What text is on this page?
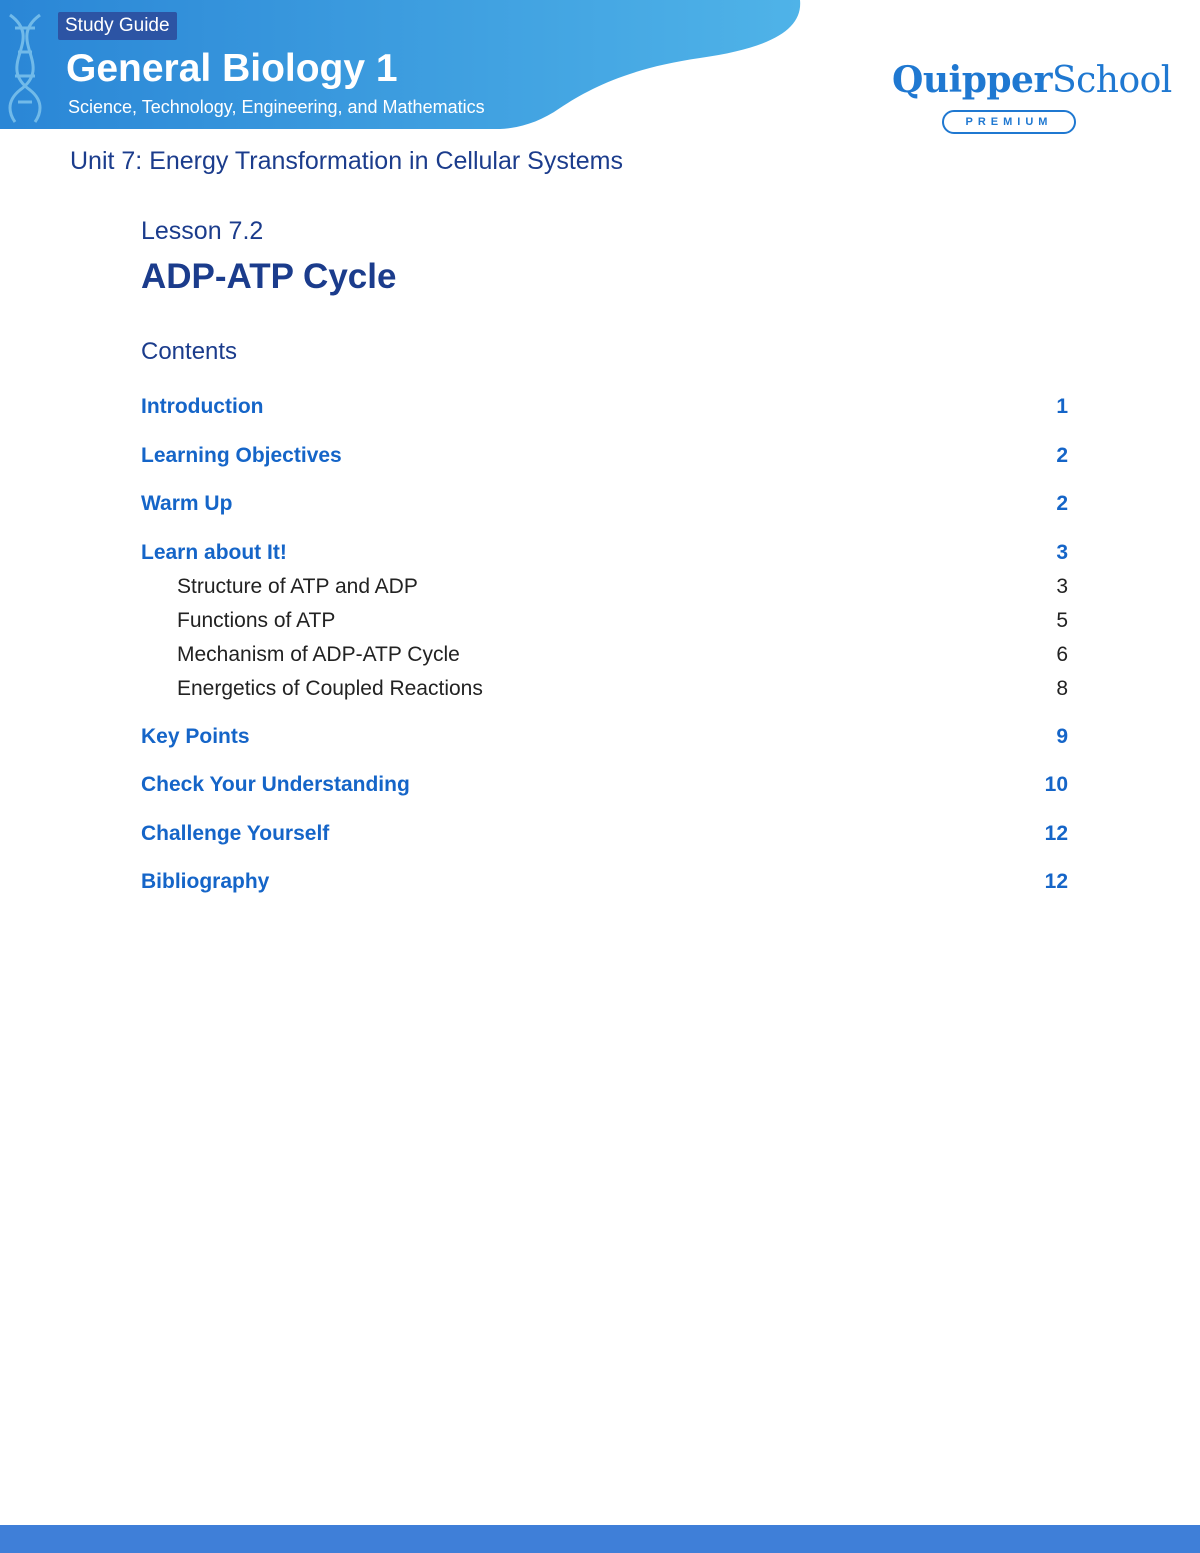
Study Guide
General Biology 1
Science, Technology, Engineering, and Mathematics
QuipperSchool
PREMIUM
Unit 7: Energy Transformation in Cellular Systems
Lesson 7.2
ADP-ATP Cycle
Contents
Introduction	1
Learning Objectives	2
Warm Up	2
Learn about It!	3
Structure of ATP and ADP	3
Functions of ATP	5
Mechanism of ADP-ATP Cycle	6
Energetics of Coupled Reactions	8
Key Points	9
Check Your Understanding	10
Challenge Yourself	12
Bibliography	12
